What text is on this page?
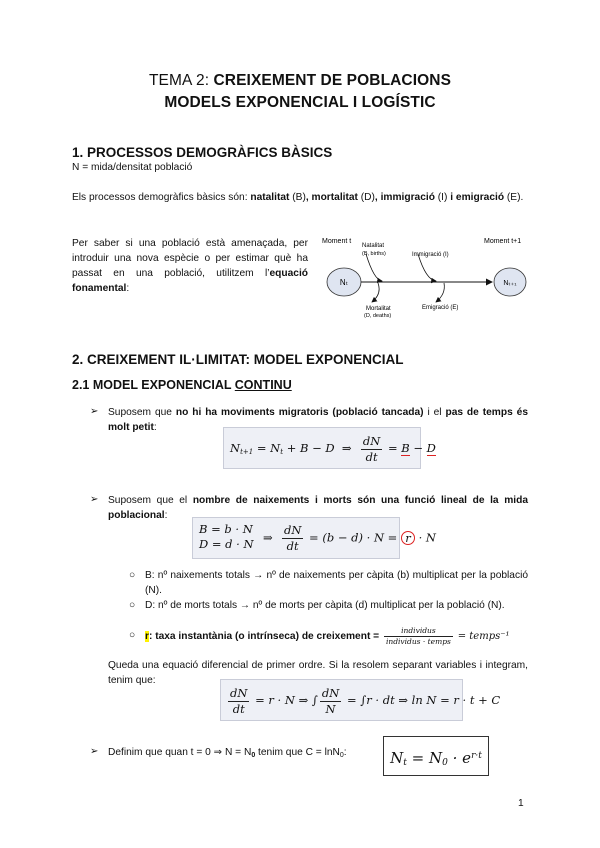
TEMA 2: CREIXEMENT DE POBLACIONS
MODELS EXPONENCIAL I LOGÍSTIC
1. PROCESSOS DEMOGRÀFICS BÀSICS
N = mida/densitat població
Els processos demogràfics bàsics són: natalitat (B), mortalitat (D), immigració (I) i emigració (E).
Per saber si una població està amenaçada, per introduir una nova espècie o per estimar què ha passat en una població, utilitzem l’equació fonamental:
Moment t	Moment t+1
Nₜ	Nₜ₊₁
Natalitat
(B, births)	Immigració (I)
Mortalitat
(D, deaths)
Emigració (E)
2. CREIXEMENT IL·LIMITAT: MODEL EXPONENCIAL
2.1 MODEL EXPONENCIAL CONTINU
➢ Suposem que no hi ha moviments migratoris (població tancada) i el pas de temps és molt petit:
$N_{t+1} = N_t + B - D$  ⇒ $\frac{dN}{dt} = B - D$
➢ Suposem que el nombre de naixements i morts són una funció lineal de la mida poblacional:
B = b · N
D = d · N ⇒ $\frac{dN}{dt} = (b - d) \cdot N = r \cdot N$
○ B: nº naixements totals → nº de naixements per càpita (b) multiplicat per la població (N).
○ D: nº de morts totals → nº de morts per càpita (d) multiplicat per la població (N).
○ r: taxa instantània (o intrínseca) de creixement = $\frac{\text{individus}}{\text{individus · temps}}$ = temps⁻¹
Queda una equació diferencial de primer ordre. Si la resolem separant variables i integram, tenim que:
$\frac{dN}{dt} = r \cdot N$ ⇒ ∫ $\frac{dN}{N} = \int r$ · dt ⇒ ln N = r · t + C
➢ Definim que quan t = 0 ⇒ $N = N_0$ tenim que C = lnN$_0$:	$N_t = N_0 \cdot e^{r\cdot t}$
1
